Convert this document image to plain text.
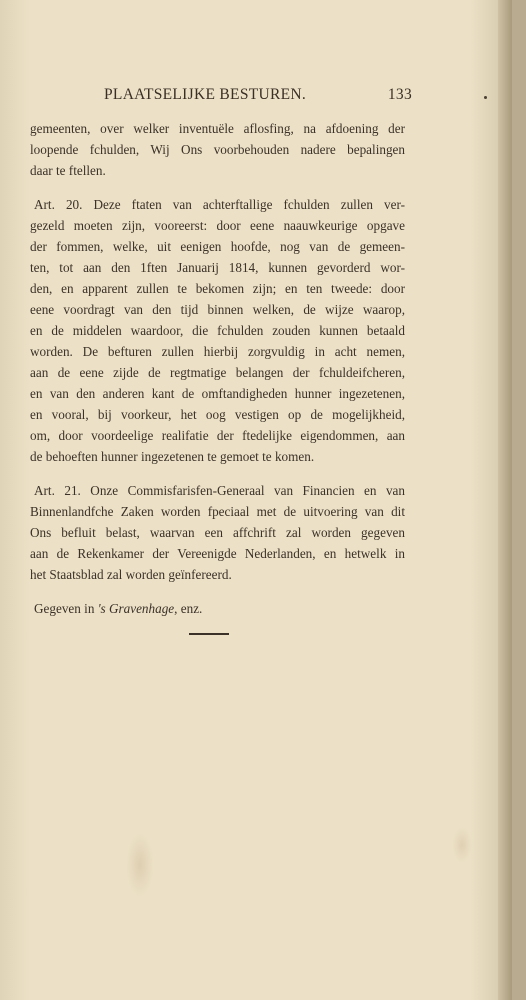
PLAATSELIJKE BESTUREN.	133
gemeenten, over welker inventuële aflosfing, na afdoening der
loopende fchulden, Wij Ons voorbehouden nadere bepalingen
daar te ftellen.
Art. 20. Deze ftaten van achterftallige fchulden zullen ver-
gezeld moeten zijn, vooreerst: door eene naauwkeurige opgave
der fommen, welke, uit eenigen hoofde, nog van de gemeen-
ten, tot aan den 1ften Januarij 1814, kunnen gevorderd wor-
den, en apparent zullen te bekomen zijn; en ten tweede: door
eene voordragt van den tijd binnen welken, de wijze waarop,
en de middelen waardoor, die fchulden zouden kunnen betaald
worden. De befturen zullen hierbij zorgvuldig in acht nemen,
aan de eene zijde de regtmatige belangen der fchuldeifcheren,
en van den anderen kant de omftandigheden hunner ingezetenen,
en vooral, bij voorkeur, het oog vestigen op de mogelijkheid,
om, door voordeelige realifatie der ftedelijke eigendommen, aan
de behoeften hunner ingezetenen te gemoet te komen.
Art. 21. Onze Commisfarisfen-Generaal van Financien en van
Binnenlandfche Zaken worden fpeciaal met de uitvoering van dit
Ons befluit belast, waarvan een affchrift zal worden gegeven
aan de Rekenkamer der Vereenigde Nederlanden, en hetwelk in
het Staatsblad zal worden geïnfereerd.
Gegeven in 's Gravenhage, enz.
